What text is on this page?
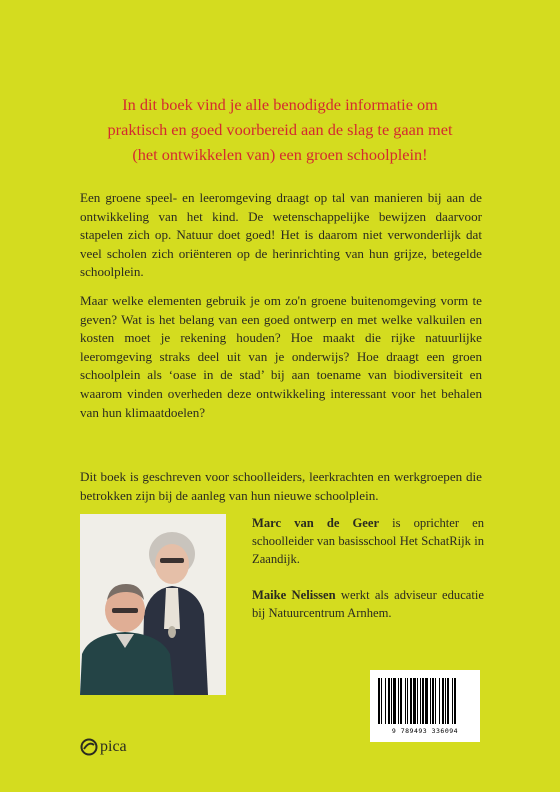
In dit boek vind je alle benodigde informatie om
praktisch en goed voorbereid aan de slag te gaan met
(het ontwikkelen van) een groen schoolplein!

Een groene speel- en leeromgeving draagt op tal van manieren bij aan de ontwikkeling van het kind. De wetenschappelijke bewijzen daarvoor stapelen zich op. Natuur doet goed! Het is daarom niet verwonderlijk dat veel scholen zich oriënteren op de herinrichting van hun grijze, betegelde schoolplein.

Maar welke elementen gebruik je om zo'n groene buitenomgeving vorm te geven? Wat is het belang van een goed ontwerp en met welke valkuilen en kosten moet je rekening houden? Hoe maakt die rijke natuurlijke leeromgeving straks deel uit van je onderwijs? Hoe draagt een groen schoolplein als ‘oase in de stad’ bij aan toename van biodiversiteit en waarom vinden overheden deze ontwikkeling interessant voor het behalen van hun klimaatdoelen?

Dit boek is geschreven voor schoolleiders, leerkrachten en werkgroepen die betrokken zijn bij de aanleg van hun nieuwe schoolplein.

Marc van de Geer is oprichter en schoolleider van basisschool Het SchatRijk in Zaandijk.

Maike Nelissen werkt als adviseur educatie bij Natuurcentrum Arnhem.

9 789493 336094
pica
